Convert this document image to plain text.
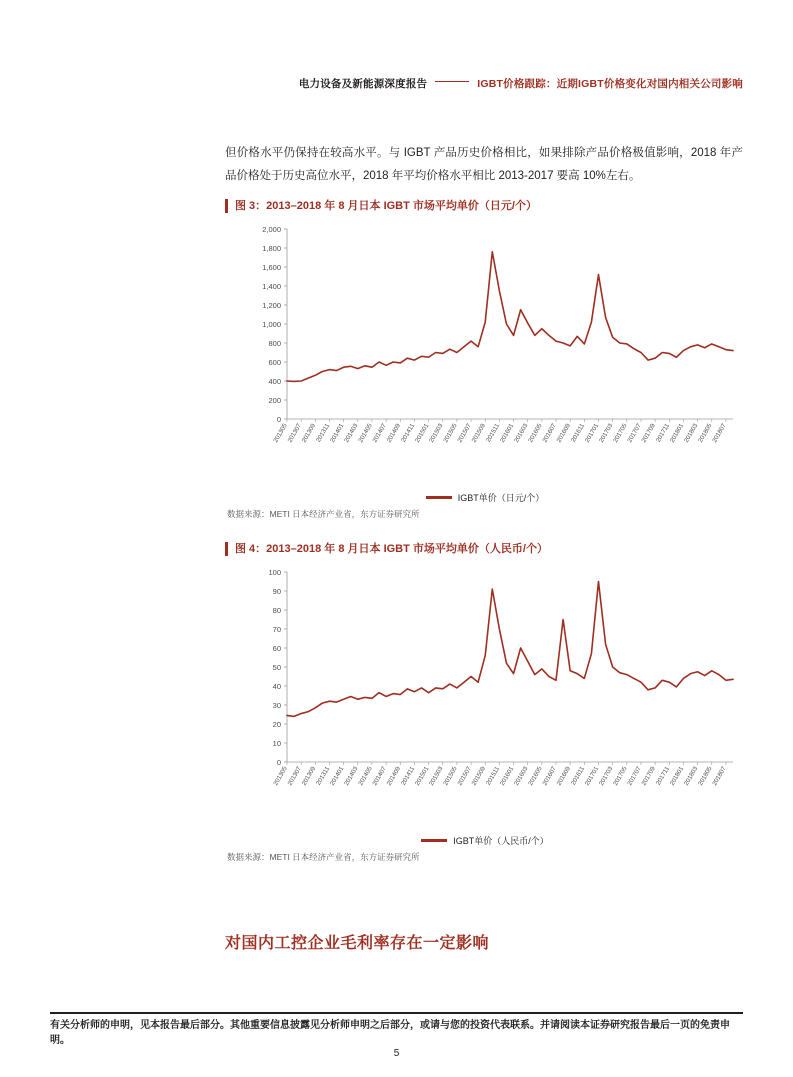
电力设备及新能源深度报告	IGBT价格跟踪：近期IGBT价格变化对国内相关公司影响
但价格水平仍保持在较高水平。与 IGBT 产品历史价格相比，如果排除产品价格极值影响，2018 年产品价格处于历史高位水平，2018 年平均价格水平相比 2013-2017 要高 10%左右。
图 3：2013–2018 年 8 月日本 IGBT 市场平均单价（日元/个）
0
200
400
600
800
1,000
1,200
1,400
1,600
1,800
2,000
201305
201307
201309
201311
201401
201403
201405
201407
201409
201411
201501
201503
201505
201507
201509
201511
201601
201603
201605
201607
201609
201611
201701
201703
201705
201707
201709
201711
201801
201803
201805
201807
IGBT单价（日元/个）
数据来源：METI 日本经济产业省，东方证券研究所
图 4：2013–2018 年 8 月日本 IGBT 市场平均单价（人民币/个）
0
10
20
30
40
50
60
70
80
90
100
201305
201307
201309
201311
201401
201403
201405
201407
201409
201411
201501
201503
201505
201507
201509
201511
201601
201603
201605
201607
201609
201611
201701
201703
201705
201707
201709
201711
201801
201803
201805
201807
IGBT单价（人民币/个）
数据来源：METI 日本经济产业省，东方证券研究所
对国内工控企业毛利率存在一定影响
有关分析师的申明，见本报告最后部分。其他重要信息披露见分析师申明之后部分，或请与您的投资代表联系。并请阅读本证券研究报告最后一页的免责申明。
5
